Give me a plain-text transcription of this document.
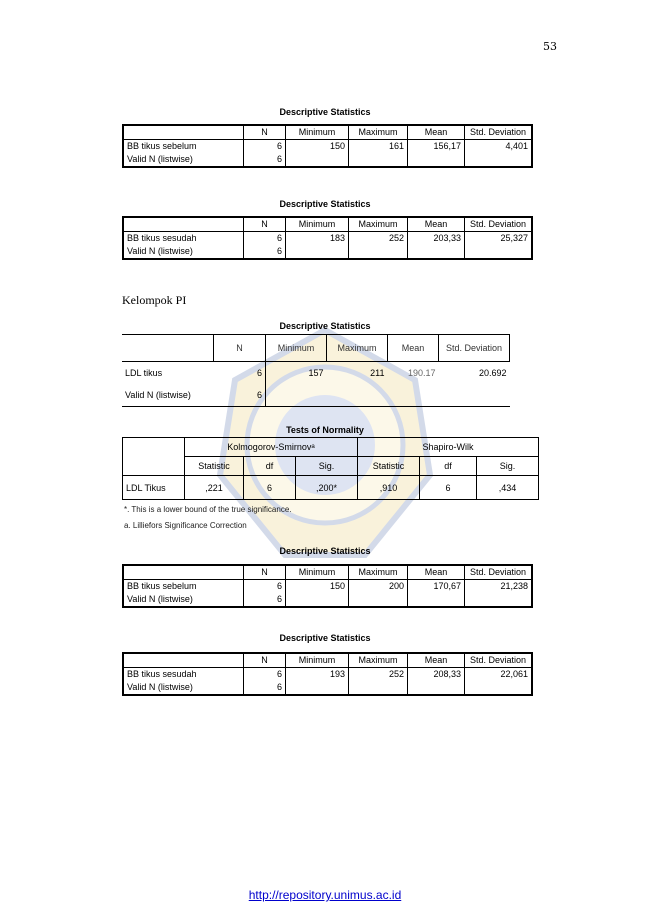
53
Descriptive Statistics
	N	Minimum	Maximum	Mean	Std. Deviation
BB tikus sebelum	6	150	161	156,17	4,401
Valid N (listwise)	6				
Descriptive Statistics
	N	Minimum	Maximum	Mean	Std. Deviation
BB tikus sesudah	6	183	252	203,33	25,327
Valid N (listwise)	6				
Kelompok PI
Descriptive Statistics
	N	Minimum	Maximum	Mean	Std. Deviation
LDL tikus	6	157	211	190.17	20.692
Valid N (listwise)	6				
Tests of Normality
	Kolmogorov-Smirnovᵃ			Shapiro-Wilk		
	Statistic	df	Sig.	Statistic	df	Sig.
LDL Tikus	,221	6	,200*	,910	6	,434
*. This is a lower bound of the true significance.
a. Lilliefors Significance Correction
Descriptive Statistics
	N	Minimum	Maximum	Mean	Std. Deviation
BB tikus sebelum	6	150	200	170,67	21,238
Valid N (listwise)	6				
Descriptive Statistics
	N	Minimum	Maximum	Mean	Std. Deviation
BB tikus sesudah	6	193	252	208,33	22,061
Valid N (listwise)	6				
http://repository.unimus.ac.id
